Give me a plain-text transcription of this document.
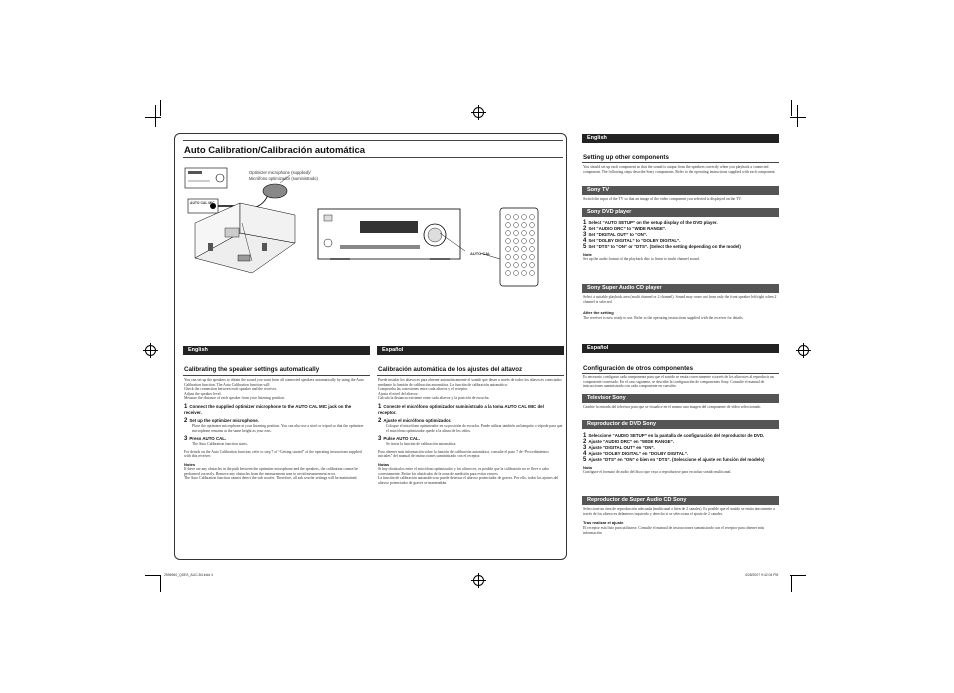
Auto Calibration/Calibración automática
Optimizer microphone (supplied)/
Micrófono optimizador (suministrado)
AUTO CAL MIC
AUTO CAL
English
Calibrating the speaker settings automatically
You can set up the speakers to obtain the sound you want from all connected speakers automatically by using the Auto Calibration function. The Auto Calibration function will:
Check the connection between each speaker and the receiver.
Adjust the speaker level.
Measure the distance of each speaker from your listening position.
1 Connect the supplied optimizer microphone to the AUTO CAL MIC jack on the receiver.
2 Set up the optimizer microphone.
Place the optimizer microphone at your listening position. You can also use a stool or tripod so that the optimizer microphone remains at the same height as your ears.
3 Press AUTO CAL.
The Auto Calibration function starts.
For details on the Auto Calibration function, refer to step 7 of “Getting started” of the operating instructions supplied with this receiver.
Notes
If there are any obstacles in the path between the optimizer microphone and the speakers, the calibration cannot be performed correctly. Remove any obstacles from the measurement area to avoid measurement error.
The Auto Calibration function cannot detect the sub woofer. Therefore, all sub woofer settings will be maintained.
Español
Calibración automática de los ajustes del altavoz
Puede instalar los altavoces para obtener automáticamente el sonido que desee a través de todos los altavoces conectados mediante la función de calibración automática. La función de calibración automática:
Comprueba las conexiones entre cada altavoz y el receptor.
Ajusta el nivel del altavoz.
Calcula la distancia existente entre cada altavoz y la posición de escucha.
1 Conecte el micrófono optimizador suministrado a la toma AUTO CAL MIC del receptor.
2 Ajuste el micrófono optimizador.
Coloque el micrófono optimizador en su posición de escucha. Puede utilizar también un banquito o trípode para que el micrófono optimizador quede a la altura de los oídos.
3 Pulse AUTO CAL.
Se inicia la función de calibración automática.
Para obtener más información sobre la función de calibración automática, consulte el paso 7 de “Procedimientos iniciales” del manual de instrucciones suministrado con el receptor.
Notas
Si hay obstáculos entre el micrófono optimizador y los altavoces, es posible que la calibración no se lleve a cabo correctamente. Retire los obstáculos de la zona de medición para evitar errores.
La función de calibración automática no puede detectar el altavoz potenciador de graves. Por ello, todos los ajustes del altavoz potenciador de graves se mantendrán.
English
Setting up other components
You should set up each component so that the sound is output from the speakers correctly when you playback a connected component. The following steps describe Sony components. Refer to the operating instructions supplied with each component.
Sony TV
Switch the input of the TV so that an image of the video component you selected is displayed on the TV.
Sony DVD player
1 Select “AUTO SETUP” on the setup display of the DVD player.
2 Set “AUDIO DRC” to “WIDE RANGE”.
3 Set “DIGITAL OUT” to “ON”.
4 Set “DOLBY DIGITAL” to “DOLBY DIGITAL”.
5 Set “DTS” to “ON” or “DTS”. (Select the setting depending on the model)
Note
Set up the audio format of the playback disc to listen to multi channel sound.
Sony Super Audio CD player
Select a suitable playback area (multi channel or 2 channel). Sound may come out from only the front speaker left/right when 2 channel is selected.
After the setting
The receiver is now ready to use. Refer to the operating instructions supplied with the receiver for details.
Español
Configuración de otros componentes
Es necesario configurar cada componente para que el sonido se emita correctamente a través de los altavoces al reproducir un componente conectado. En el caso siguiente, se describe la configuración de componentes Sony. Consulte el manual de instrucciones suministrado con cada componente en cuestión.
Televisor Sony
Cambie la entrada del televisor para que se visualice en el mismo una imagen del componente de vídeo seleccionado.
Reproductor de DVD Sony
1 Seleccione “AUDIO SETUP” en la pantalla de configuración del reproductor de DVD.
2 Ajuste “AUDIO DRC” en “WIDE RANGE”.
3 Ajuste “DIGITAL OUT” en “ON”.
4 Ajuste “DOLBY DIGITAL” en “DOLBY DIGITAL”.
5 Ajuste “DTS” en “ON” o bien en “DTS”. (Seleccione el ajuste en función del modelo)
Nota
Configure el formato de audio del disco que vaya a reproducirse para escuchar sonido multicanal.
Reproductor de Super Audio CD Sony
Seleccione un área de reproducción adecuada (multicanal o bien de 2 canales). Es posible que el sonido se emita únicamente a través de los altavoces delanteros izquierdo y derecho si se selecciona el ajuste de 2 canales.
Tras realizar el ajuste
El receptor está listo para utilizarse. Consulte el manual de instrucciones suministrado con el receptor para obtener más información.
2596960_QSES_AUC-B4.indd 4	4/28/2007 9:42:04 PM
